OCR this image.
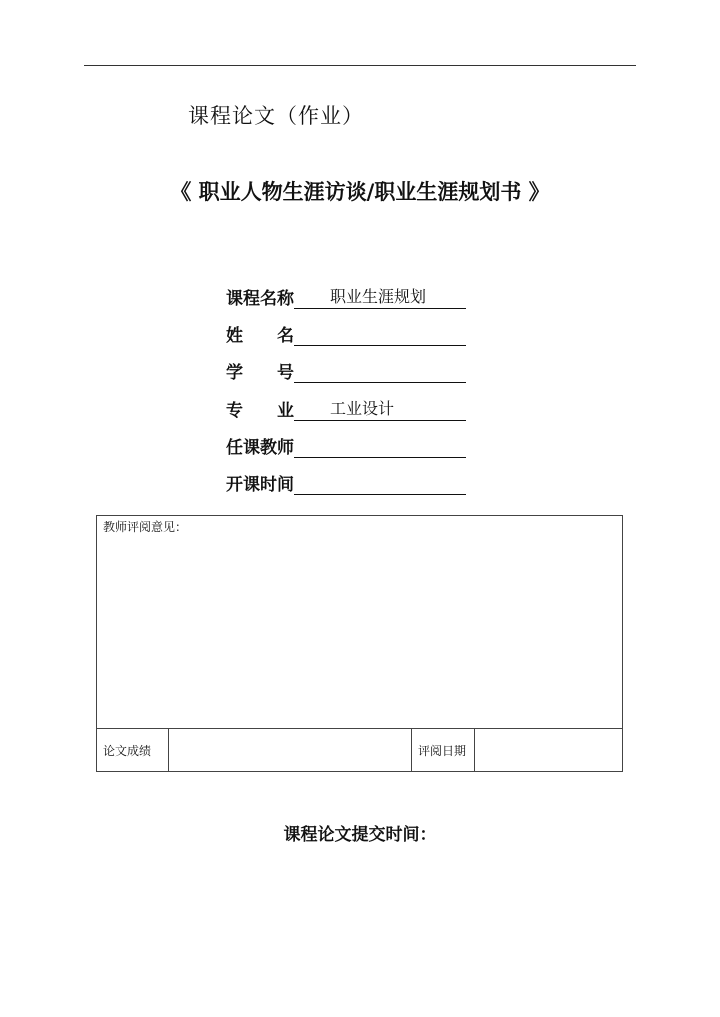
课程论文（作业）
《 职业人物生涯访谈/职业生涯规划书 》
课程名称 职业生涯规划
姓　　名
学　　号
专　　业 工业设计
任课教师
开课时间
教师评阅意见：
论文成绩	评阅日期
课程论文提交时间：
